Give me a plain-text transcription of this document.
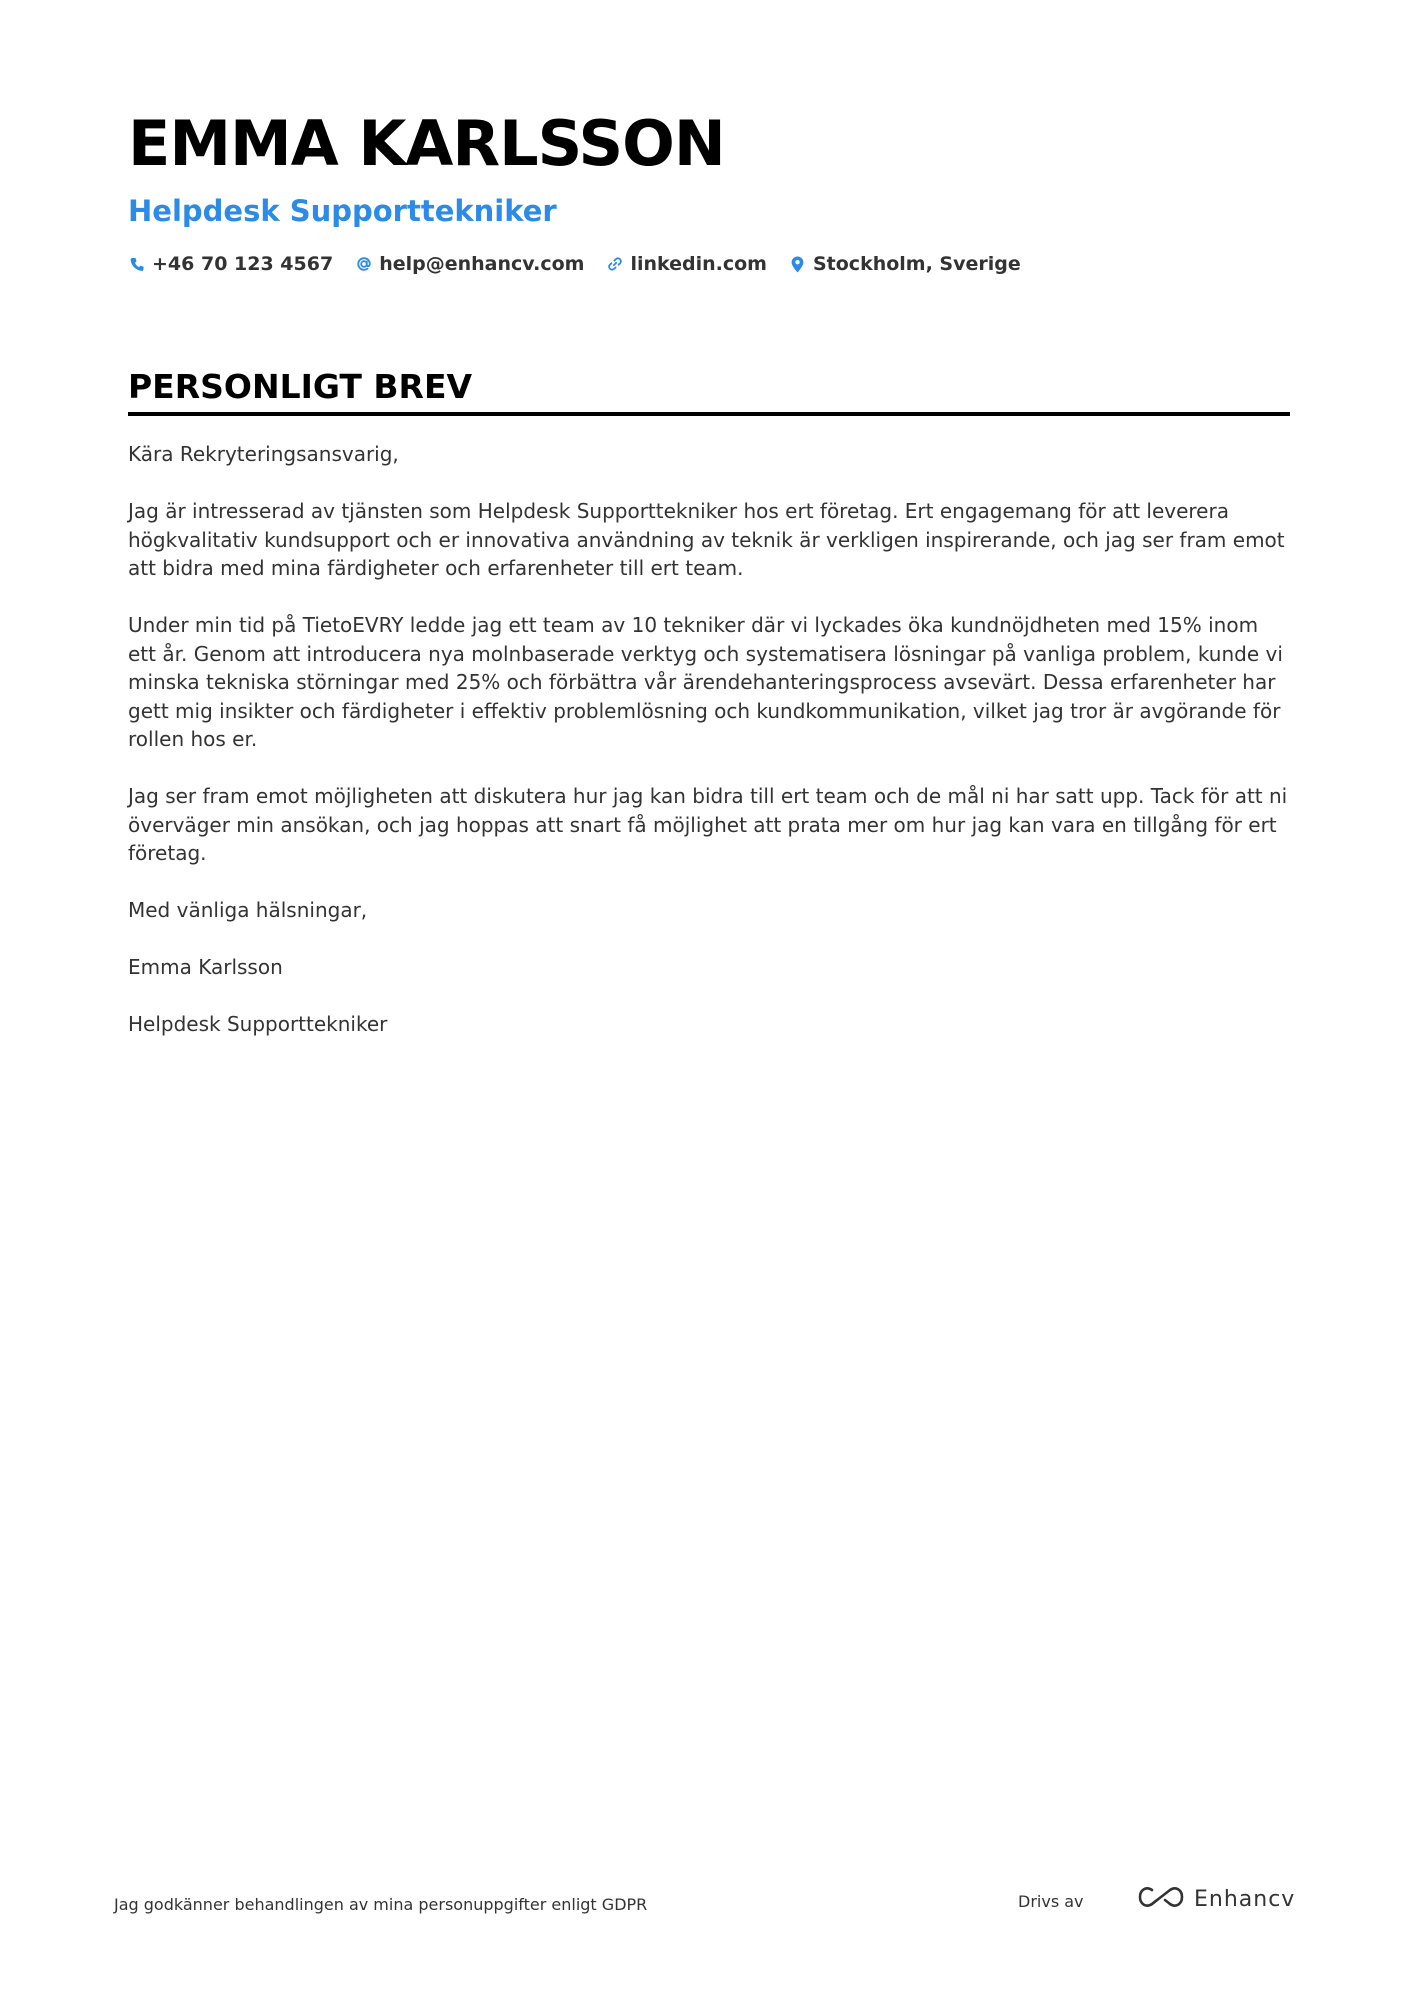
EMMA KARLSSON
Helpdesk Supporttekniker
+46 70 123 4567 help@enhancv.com linkedin.com Stockholm, Sverige
PERSONLIGT BREV

Kära Rekryteringsansvarig,

Jag är intresserad av tjänsten som Helpdesk Supporttekniker hos ert företag. Ert engagemang för att leverera högkvalitativ kundsupport och er innovativa användning av teknik är verkligen inspirerande, och jag ser fram emot att bidra med mina färdigheter och erfarenheter till ert team.

Under min tid på TietoEVRY ledde jag ett team av 10 tekniker där vi lyckades öka kundnöjdheten med 15% inom ett år. Genom att introducera nya molnbaserade verktyg och systematisera lösningar på vanliga problem, kunde vi minska tekniska störningar med 25% och förbättra vår ärendehanteringsprocess avsevärt. Dessa erfarenheter har gett mig insikter och färdigheter i effektiv problemlösning och kundkommunikation, vilket jag tror är avgörande för rollen hos er.

Jag ser fram emot möjligheten att diskutera hur jag kan bidra till ert team och de mål ni har satt upp. Tack för att ni överväger min ansökan, och jag hoppas att snart få möjlighet att prata mer om hur jag kan vara en tillgång för ert företag.

Med vänliga hälsningar,

Emma Karlsson

Helpdesk Supporttekniker

Jag godkänner behandlingen av mina personuppgifter enligt GDPR	Drivs av	Enhancv
